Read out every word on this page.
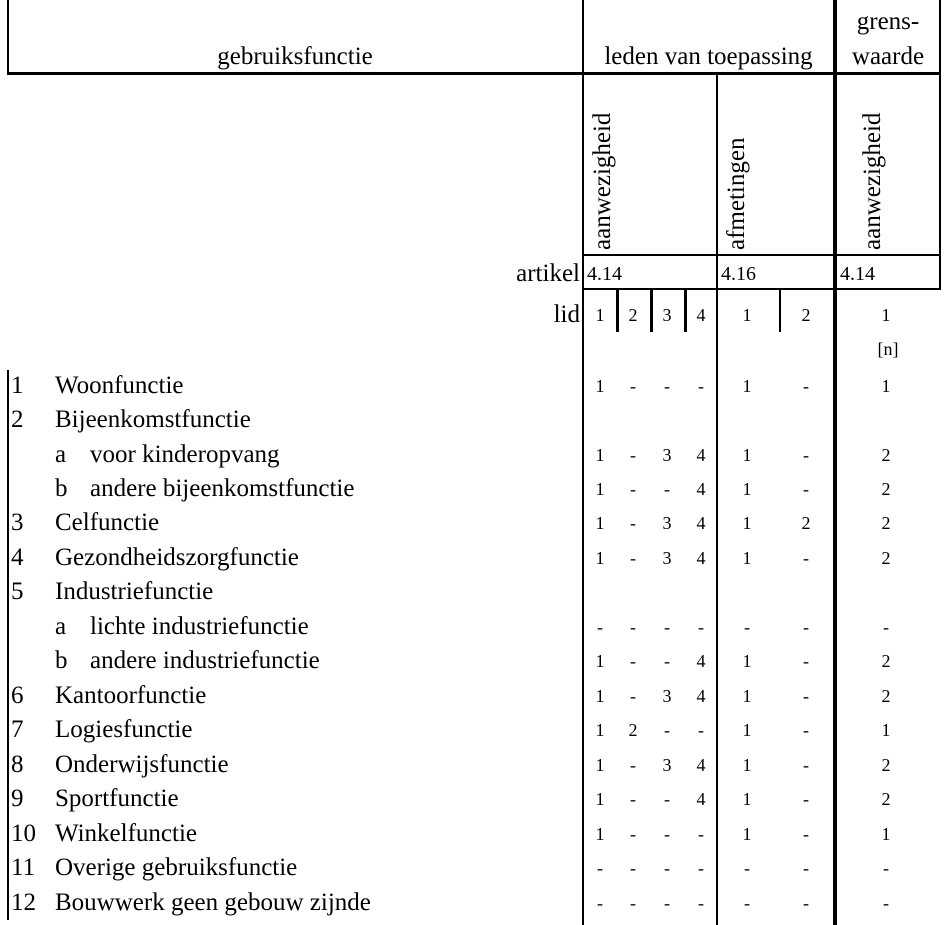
gebruiksfunctie	leden van toepassing
grens-
waarde
aanwezigheid	afmetingen	aanwezigheid
artikel 4.14	4.16	4.14
lid 1	2	3	4	1	2	1
[n]
1 Woonfunctie	1	-	-	-	1	-	1
2 Bijeenkomstfunctie
a voor kinderopvang	1	-	3	4	1	-	2
b andere bijeenkomstfunctie	1	-	-	4	1	-	2
3 Celfunctie	1	-	3	4	1	2	2
4 Gezondheidszorgfunctie	1	-	3	4	1	-	2
5 Industriefunctie
a lichte industriefunctie	-	-	-	-	-	-	-
b andere industriefunctie	1	-	-	4	1	-	2
6 Kantoorfunctie	1	-	3	4	1	-	2
7 Logiesfunctie	1	2	-	-	1	-	1
8 Onderwijsfunctie	1	-	3	4	1	-	2
9 Sportfunctie	1	-	-	4	1	-	2
10 Winkelfunctie	1	-	-	-	1	-	1
11 Overige gebruiksfunctie	-	-	-	-	-	-	-
12 Bouwwerk geen gebouw zijnde	-	-	-	-	-	-	-
